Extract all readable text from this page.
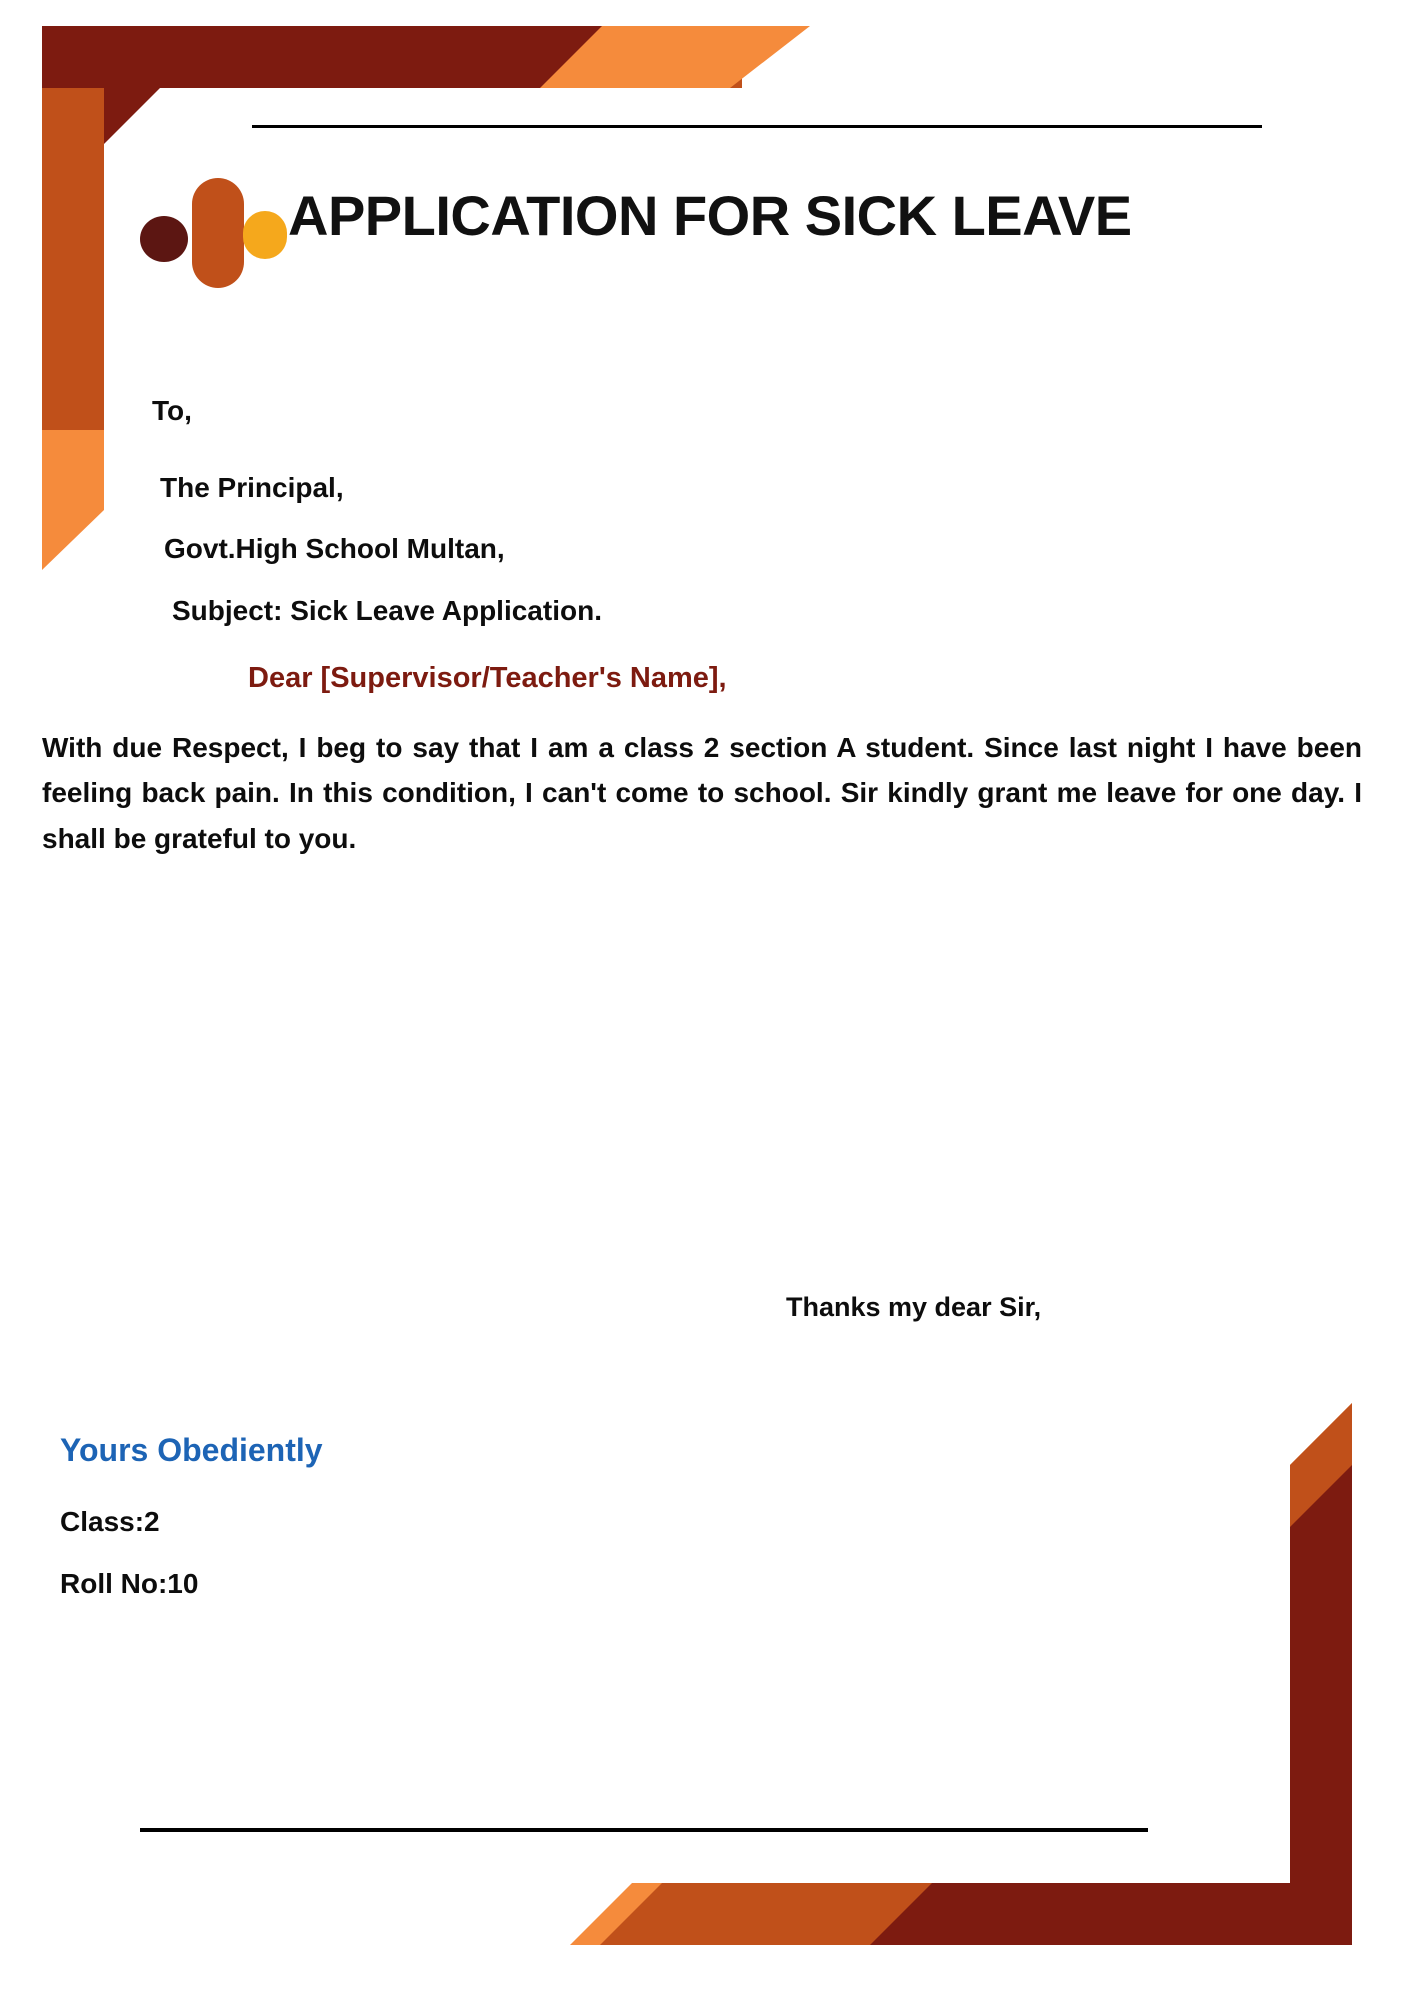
APPLICATION FOR SICK LEAVE
To,
The Principal,
Govt.High School Multan,
Subject: Sick Leave Application.
Dear [Supervisor/Teacher's Name],
With due Respect, I beg to say that I am a class 2 section A student. Since last night I have been feeling back pain. In this condition, I can't come to school. Sir kindly grant me leave for one day. I shall be grateful to you.
Thanks my dear Sir,
Yours Obediently
Class:2
Roll No:10
